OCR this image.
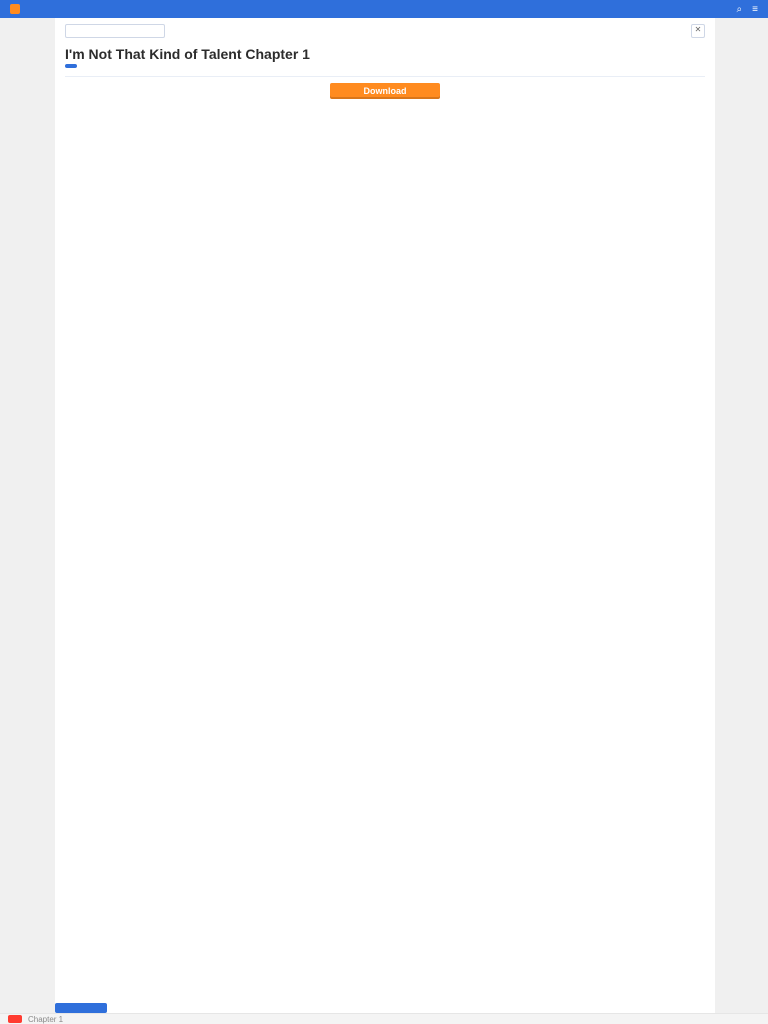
⌕ ≡
✕
I'm Not That Kind of Talent Chapter 1
Download
Chapter 1
